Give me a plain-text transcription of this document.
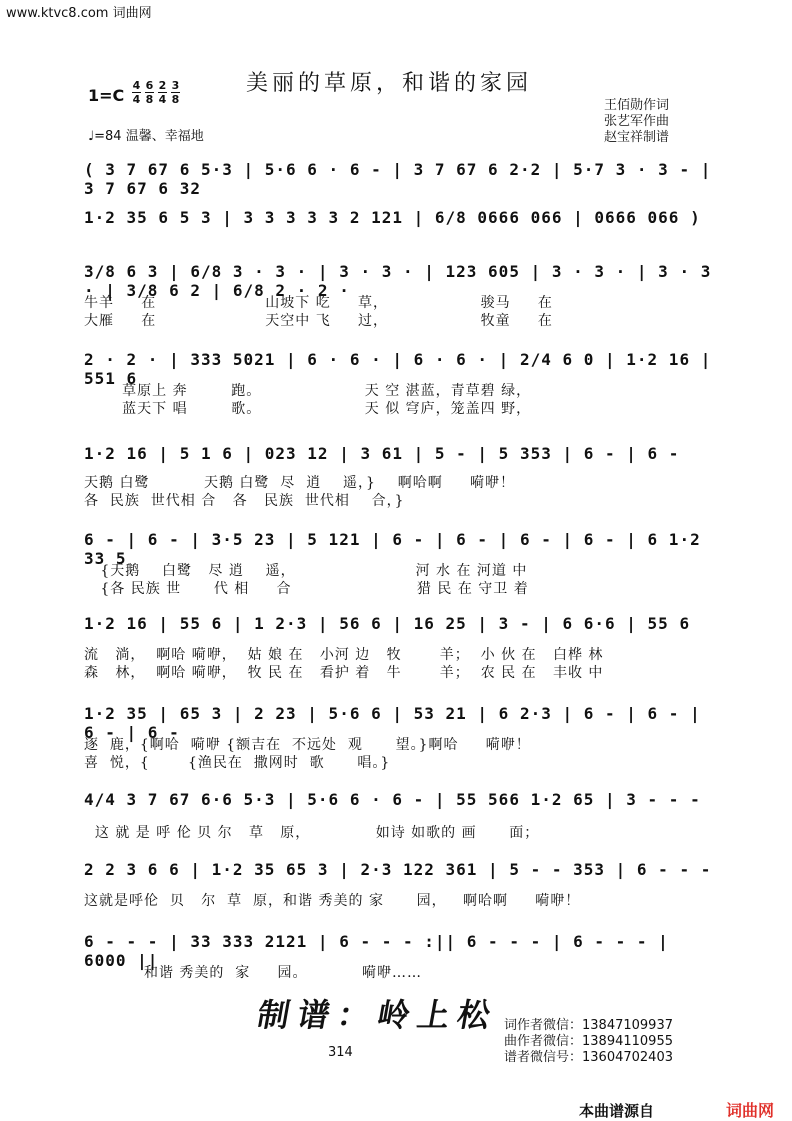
www.ktvc8.com 词曲网
美丽的草原，和谐的家园
$1=C \frac{4}{4} \frac{6}{8} \frac{2}{4} \frac{3}{8}$
♩=84 温馨、幸福地
王佰勋作词
张艺军作曲
赵宝祥制谱
( 3 7 67 6 5·3 | 5·6 6 · 6 - | 3 7 67 6 2·2 | 5·7 3 · 3 - | 3 7 67 6 32
1·2 35 6 5 3 | 3 3 3 3 3 2 121 | 6/8 0666 066 | 0666 066 )
3/8 6 3 | 6/8 3 · 3 · | 3 · 3 · | 123 605 | 3 · 3 · | 3 · 3 · | 3/8 6 2 | 6/8 2 · 2 ·
牛羊     在                    山坡下 吃     草，                 骏马     在
大雁     在                    天空中 飞     过，                 牧童     在
2 · 2 · | 333 5021 | 6 · 6 · | 6 · 6 · | 2/4 6 0 | 1·2 16 | 551 6
草原上 奔        跑。                   天 空 湛蓝，青草碧 绿，
蓝天下 唱        歌。                   天 似 穹庐，笼盖四 野，
1·2 16 | 5 1 6 | 023 12 | 3 61 | 5 - | 5 353 | 6 - | 6 -
天鹅 白鹭          天鹅 白鹭  尽  逍    遥，}    啊哈啊     嗬咿！
各  民族  世代相 合   各   民族  世代相    合，}
6 - | 6 - | 3·5 23 | 5 121 | 6 - | 6 - | 6 - | 6 - | 6 1·2 33 5
{天鹅    白鹭   尽 逍    遥，                      河 水 在 河道 中
{各 民族 世      代 相     合                       猎 民 在 守卫 着
1·2 16 | 55 6 | 1 2·3 | 56 6 | 16 25 | 3 - | 6 6·6 | 55 6
流   淌，  啊哈 嗬咿，  姑 娘 在   小河 边   牧       羊；  小 伙 在   白桦 林
森   林，  啊哈 嗬咿，  牧 民 在   看护 着   牛       羊；  农 民 在   丰收 中
1·2 35 | 65 3 | 2 23 | 5·6 6 | 53 21 | 6 2·3 | 6 - | 6 - | 6 - | 6 -
逐  鹿，{啊哈  嗬咿 {额吉在  不远处  观      望。}啊哈     嗬咿！
喜  悦，{       {渔民在  撒网时  歌      唱。}
4/4 3 7 67 6·6 5·3 | 5·6 6 · 6 - | 55 566 1·2 65 | 3 - - -
这 就 是 呼 伦 贝 尔   草   原，            如诗 如歌的 画      面；
2 2 3 6 6 | 1·2 35 65 3 | 2·3 122 361 | 5 - - 353 | 6 - - -
这就是呼伦  贝   尔  草  原，和谐 秀美的 家      园，   啊哈啊     嗬咿！
6 - - - | 33 333 2121 | 6 - - - :|| 6 - - - | 6 - - - | 6000 ||
和谐 秀美的  家     园。          嗬咿……
制谱：岭上松 词作者微信：13847109937
曲作者微信：13894110955
谱者微信号：13604702403
314
本曲谱源自	词曲网
